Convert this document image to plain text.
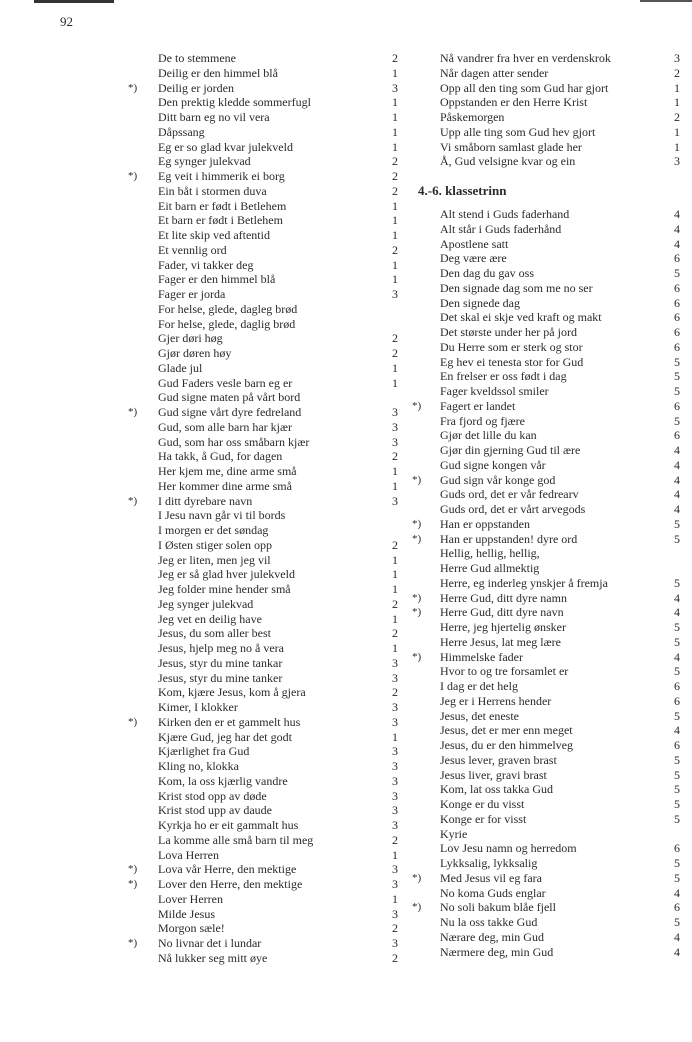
92
De to stemmene	2
Deilig er den himmel blå	1
*)	Deilig er jorden	3
Den prektig kledde sommerfugl	1
Ditt barn eg no vil vera	1
Dåpssang	1
Eg er so glad kvar julekveld	1
Eg synger julekvad	2
*)	Eg veit i himmerik ei borg	2
Ein båt i stormen duva	2
Eit barn er født i Betlehem	1
Et barn er født i Betlehem	1
Et lite skip ved aftentid	1
Et vennlig ord	2
Fader, vi takker deg	1
Fager er den himmel blå	1
Fager er jorda	3
For helse, glede, dagleg brød
For helse, glede, daglig brød
Gjer døri høg	2
Gjør døren høy	2
Glade jul	1
Gud Faders vesle barn eg er	1
Gud signe maten på vårt bord
*)	Gud signe vårt dyre fedreland	3
Gud, som alle barn har kjær	3
Gud, som har oss småbarn kjær	3
Ha takk, å Gud, for dagen	2
Her kjem me, dine arme små	1
Her kommer dine arme små	1
*)	I ditt dyrebare navn	3
I Jesu navn går vi til bords
I morgen er det søndag
I Østen stiger solen opp	2
Jeg er liten, men jeg vil	1
Jeg er så glad hver julekveld	1
Jeg folder mine hender små	1
Jeg synger julekvad	2
Jeg vet en deilig have	1
Jesus, du som aller best	2
Jesus, hjelp meg no å vera	1
Jesus, styr du mine tankar	3
Jesus, styr du mine tanker	3
Kom, kjære Jesus, kom å gjera	2
Kimer, I klokker	3
*)	Kirken den er et gammelt hus	3
Kjære Gud, jeg har det godt	1
Kjærlighet fra Gud	3
Kling no, klokka	3
Kom, la oss kjærlig vandre	3
Krist stod opp av døde	3
Krist stod upp av daude	3
Kyrkja ho er eit gammalt hus	3
La komme alle små barn til meg	2
Lova Herren	1
*)	Lova vår Herre, den mektige	3
*)	Lover den Herre, den mektige	3
Lover Herren	1
Milde Jesus	3
Morgon sæle!	2
*)	No livnar det i lundar	3
Nå lukker seg mitt øye	2
Nå vandrer fra hver en verdenskrok	3
Når dagen atter sender	2
Opp all den ting som Gud har gjort	1
Oppstanden er den Herre Krist	1
Påskemorgen	2
Upp alle ting som Gud hev gjort	1
Vi småborn samlast glade her	1
Å, Gud velsigne kvar og ein	3
4.-6. klassetrinn
Alt stend i Guds faderhand	4
Alt står i Guds faderhånd	4
Apostlene satt	4
Deg være ære	6
Den dag du gav oss	5
Den signade dag som me no ser	6
Den signede dag	6
Det skal ei skje ved kraft og makt	6
Det største under her på jord	6
Du Herre som er sterk og stor	6
Eg hev ei tenesta stor for Gud	5
En frelser er oss født i dag	5
Fager kveldssol smiler	5
*)	Fagert er landet	6
Fra fjord og fjære	5
Gjør det lille du kan	6
Gjør din gjerning Gud til ære	4
Gud signe kongen vår	4
*)	Gud sign vår konge god	4
Guds ord, det er vår fedrearv	4
Guds ord, det er vårt arvegods	4
*)	Han er oppstanden	5
*)	Han er uppstanden! dyre ord	5
Hellig, hellig, hellig,
Herre Gud allmektig
Herre, eg inderleg ynskjer å fremja	5
*)	Herre Gud, ditt dyre namn	4
*)	Herre Gud, ditt dyre navn	4
Herre, jeg hjertelig ønsker	5
Herre Jesus, lat meg lære	5
*)	Himmelske fader	4
Hvor to og tre forsamlet er	5
I dag er det helg	6
Jeg er i Herrens hender	6
Jesus, det eneste	5
Jesus, det er mer enn meget	4
Jesus, du er den himmelveg	6
Jesus lever, graven brast	5
Jesus liver, gravi brast	5
Kom, lat oss takka Gud	5
Konge er du visst	5
Konge er for visst	5
Kyrie
Lov Jesu namn og herredom	6
Lykksalig, lykksalig	5
*)	Med Jesus vil eg fara	5
No koma Guds englar	4
*)	No soli bakum blåe fjell	6
Nu la oss takke Gud	5
Nærare deg, min Gud	4
Nærmere deg, min Gud	4
